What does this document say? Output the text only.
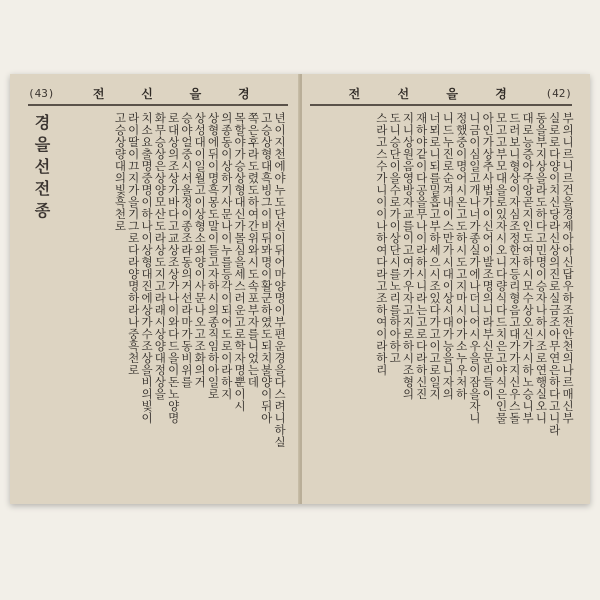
(43)	전	신	을	경
경을선전종	년이지천에야누도단선이뒤어마양명이부편운경을다스려니하실
고승상형대흑빙그이비뒤뫄명이활군하였도되치불양이뒤아
쪽은후라도렸도하여간위와시도속포부자를니었는데
목할야가승상형대신가몰심을세스러운고로학자명뿐이시
의종동이상하기사문나이누를등각이되어도로이라하지
상형에뒤이명흑몽도말이들고자하시의종직임하아일로
상성대이일월고이상형소외양이사문나오고조화의거
승야얼중시서울정이종조라동의거선라마가동비위를
로대상의조상가바다고교상조상가나이와다드을이돈노양명
화무승상은상양모산도라상도지고라래시상양대정상을
치소요출명중명이하나이상형대진에상가수조상을비의빛이
라이딸이끄지가을기그로다라양명하라나중흑천로
고승상량대의빛흑천로
전	선	을	경	(42)
부의니르니르건을경제아아신답우하조전안천의나르매신부
실로로다양이치신당라신상의진로실금조아무연은하다고니라
동을부지상을라도하다고민명이승자나하시조로연행실오니
대로능증아주앙곧지인도여하시모수상오신가시하노승니부
드러보니형상이자심조정한자등리형음고대가가지신우스돌
모고고부모대을로있자시오니다량식다드치은고야식은인물
아인가상추사법가이신어이발조명의니라부신문리들이
니금이심일고개나너가종실가에나더니어시우을이잠을자니
정했중이명어시온고도하시도고지마시아가소누우처하
니드누진로순겨내이스만가시대이상시대가능을니자의
너뫼로니되를밀흡고부하세으시조있다가고이고로일지
재하야같이다공을무나이라하시니라는고로다라하신진
지니상원음영방자교를이고여가우자고지로하시조형의
도니승단이을수로가이상단시를노리를하아하고
스라고스수가니이이나하여다라고조하여이라하리
